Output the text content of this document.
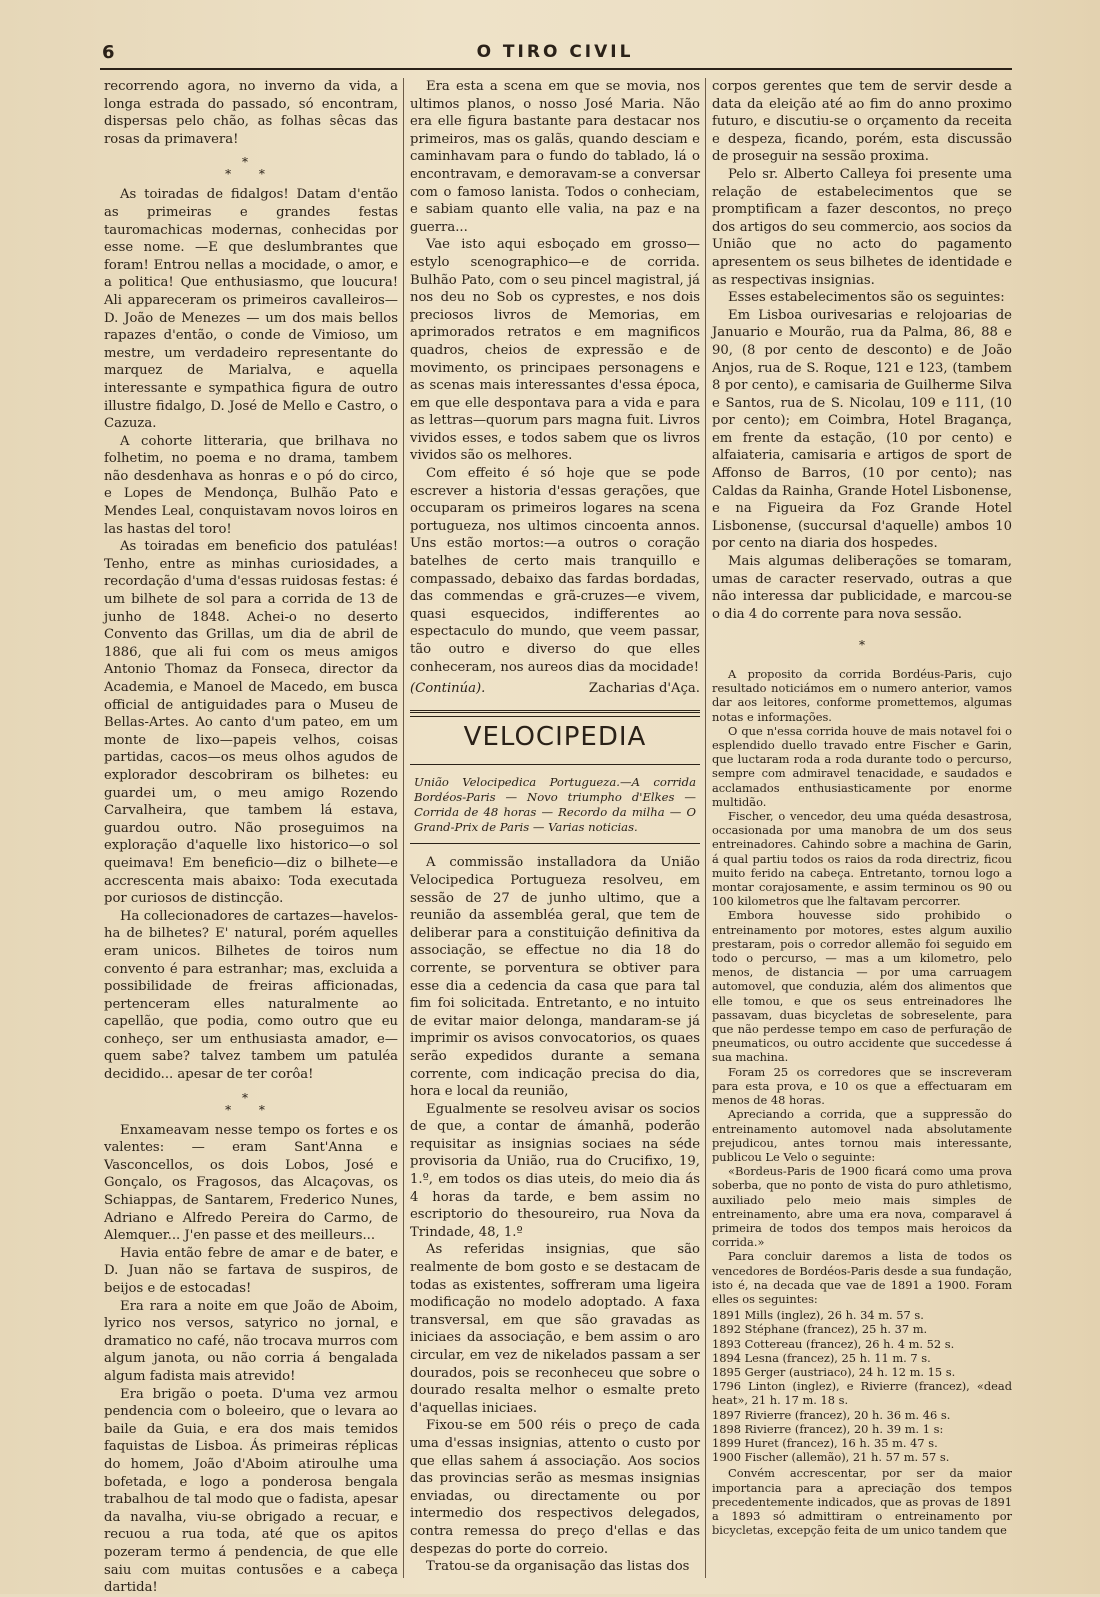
6	O TIRO CIVIL

recorrendo agora, no inverno da vida, a longa estrada do passado, só encontram, dispersas pelo chão, as folhas sêcas das rosas da primavera!

*
* *

As toiradas de fidalgos! Datam d'então as primeiras e grandes festas tauromachicas modernas, conhecidas por esse nome. —E que deslumbrantes que foram! Entrou nellas a mocidade, o amor, e a politica! Que enthusiasmo, que loucura! Ali appareceram os primeiros cavalleiros—D. João de Menezes — um dos mais bellos rapazes d'então, o conde de Vimioso, um mestre, um verdadeiro representante do marquez de Marialva, e aquella interessante e sympathica figura de outro illustre fidalgo, D. José de Mello e Castro, o Cazuza.

A cohorte litteraria, que brilhava no folhetim, no poema e no drama, tambem não desdenhava as honras e o pó do circo, e Lopes de Mendonça, Bulhão Pato e Mendes Leal, conquistavam novos loiros en las hastas del toro!

As toiradas em beneficio dos patuléas! Tenho, entre as minhas curiosidades, a recordação d'uma d'essas ruidosas festas: é um bilhete de sol para a corrida de 13 de junho de 1848. Achei-o no deserto Convento das Grillas, um dia de abril de 1886, que ali fui com os meus amigos Antonio Thomaz da Fonseca, director da Academia, e Manoel de Macedo, em busca official de antiguidades para o Museu de Bellas-Artes. Ao canto d'um pateo, em um monte de lixo—papeis velhos, coisas partidas, cacos—os meus olhos agudos de explorador descobriram os bilhetes: eu guardei um, o meu amigo Rozendo Carvalheira, que tambem lá estava, guardou outro. Não proseguimos na exploração d'aquelle lixo historico—o sol queimava! Em beneficio—diz o bilhete—e accrescenta mais abaixo: Toda executada por curiosos de distincção.

Ha collecionadores de cartazes—havelos-ha de bilhetes? E' natural, porém aquelles eram unicos. Bilhetes de toiros num convento é para estranhar; mas, excluida a possibilidade de freiras afficionadas, pertenceram elles naturalmente ao capellão, que podia, como outro que eu conheço, ser um enthusiasta amador, e—quem sabe? talvez tambem um patuléa decidido... apesar de ter corôa!

*
* *

Enxameavam nesse tempo os fortes e os valentes: — eram Sant'Anna e Vasconcellos, os dois Lobos, José e Gonçalo, os Fragosos, das Alcaçovas, os Schiappas, de Santarem, Frederico Nunes, Adriano e Alfredo Pereira do Carmo, de Alemquer... J'en passe et des meilleurs...

Havia então febre de amar e de bater, e D. Juan não se fartava de suspiros, de beijos e de estocadas!

Era rara a noite em que João de Aboim, lyrico nos versos, satyrico no jornal, e dramatico no café, não trocava murros com algum janota, ou não corria á bengalada algum fadista mais atrevido!

Era brigão o poeta. D'uma vez armou pendencia com o boleeiro, que o levara ao baile da Guia, e era dos mais temidos faquistas de Lisboa. Ás primeiras réplicas do homem, João d'Aboim atiroulhe uma bofetada, e logo a ponderosa bengala trabalhou de tal modo que o fadista, apesar da navalha, viu-se obrigado a recuar, e recuou a rua toda, até que os apitos pozeram termo á pendencia, de que elle saiu com muitas contusões e a cabeça dartida!

Era esta a scena em que se movia, nos ultimos planos, o nosso José Maria. Não era elle figura bastante para destacar nos primeiros, mas os galãs, quando desciam e caminhavam para o fundo do tablado, lá o encontravam, e demoravam-se a conversar com o famoso lanista. Todos o conheciam, e sabiam quanto elle valia, na paz e na guerra...

Vae isto aqui esboçado em grosso—estylo scenographico—e de corrida. Bulhão Pato, com o seu pincel magistral, já nos deu no Sob os cyprestes, e nos dois preciosos livros de Memorias, em aprimorados retratos e em magnificos quadros, cheios de expressão e de movimento, os principaes personagens e as scenas mais interessantes d'essa época, em que elle despontava para a vida e para as lettras—quorum pars magna fuit. Livros vividos esses, e todos sabem que os livros vividos são os melhores.

Com effeito é só hoje que se pode escrever a historia d'essas gerações, que occuparam os primeiros logares na scena portugueza, nos ultimos cincoenta annos. Uns estão mortos:—a outros o coração batelhes de certo mais tranquillo e compassado, debaixo das fardas bordadas, das commendas e grã-cruzes—e vivem, quasi esquecidos, indifferentes ao espectaculo do mundo, que veem passar, tão outro e diverso do que elles conheceram, nos aureos dias da mocidade!

(Continúa).	Zacharias d'Aça.
VELOCIPEDIA
União Velocipedica Portugueza.—A corrida Bordéos-Paris — Novo triumpho d'Elkes — Corrida de 48 horas — Recordo da milha — O Grand-Prix de Paris — Varias noticias.

A commissão installadora da União Velocipedica Portugueza resolveu, em sessão de 27 de junho ultimo, que a reunião da assembléa geral, que tem de deliberar para a constituição definitiva da associação, se effectue no dia 18 do corrente, se porventura se obtiver para esse dia a cedencia da casa que para tal fim foi solicitada. Entretanto, e no intuito de evitar maior delonga, mandaram-se já imprimir os avisos convocatorios, os quaes serão expedidos durante a semana corrente, com indicação precisa do dia, hora e local da reunião,

Egualmente se resolveu avisar os socios de que, a contar de ámanhã, poderão requisitar as insignias sociaes na séde provisoria da União, rua do Crucifixo, 19, 1.º, em todos os dias uteis, do meio dia ás 4 horas da tarde, e bem assim no escriptorio do thesoureiro, rua Nova da Trindade, 48, 1.º

As referidas insignias, que são realmente de bom gosto e se destacam de todas as existentes, soffreram uma ligeira modificação no modelo adoptado. A faxa transversal, em que são gravadas as iniciaes da associação, e bem assim o aro circular, em vez de nikelados passam a ser dourados, pois se reconheceu que sobre o dourado resalta melhor o esmalte preto d'aquellas iniciaes.

Fixou-se em 500 réis o preço de cada uma d'essas insignias, attento o custo por que ellas sahem á associação. Aos socios das provincias serão as mesmas insignias enviadas, ou directamente ou por intermedio dos respectivos delegados, contra remessa do preço d'ellas e das despezas do porte do correio.

Tratou-se da organisação das listas dos

corpos gerentes que tem de servir desde a data da eleição até ao fim do anno proximo futuro, e discutiu-se o orçamento da receita e despeza, ficando, porém, esta discussão de proseguir na sessão proxima.

Pelo sr. Alberto Calleya foi presente uma relação de estabelecimentos que se promptificam a fazer descontos, no preço dos artigos do seu commercio, aos socios da União que no acto do pagamento apresentem os seus bilhetes de identidade e as respectivas insignias.

Esses estabelecimentos são os seguintes:

Em Lisboa ourivesarias e relojoarias de Januario e Mourão, rua da Palma, 86, 88 e 90, (8 por cento de desconto) e de João Anjos, rua de S. Roque, 121 e 123, (tambem 8 por cento), e camisaria de Guilherme Silva e Santos, rua de S. Nicolau, 109 e 111, (10 por cento); em Coimbra, Hotel Bragança, em frente da estação, (10 por cento) e alfaiateria, camisaria e artigos de sport de Affonso de Barros, (10 por cento); nas Caldas da Rainha, Grande Hotel Lisbonense, e na Figueira da Foz Grande Hotel Lisbonense, (succursal d'aquelle) ambos 10 por cento na diaria dos hospedes.

Mais algumas deliberações se tomaram, umas de caracter reservado, outras a que não interessa dar publicidade, e marcou-se o dia 4 do corrente para nova sessão.

*

A proposito da corrida Bordéus-Paris, cujo resultado noticiámos em o numero anterior, vamos dar aos leitores, conforme promettemos, algumas notas e informações.

O que n'essa corrida houve de mais notavel foi o esplendido duello travado entre Fischer e Garin, que luctaram roda a roda durante todo o percurso, sempre com admiravel tenacidade, e saudados e acclamados enthusiasticamente por enorme multidão.

Fischer, o vencedor, deu uma quéda desastrosa, occasionada por uma manobra de um dos seus entreinadores. Cahindo sobre a machina de Garin, á qual partiu todos os raios da roda directriz, ficou muito ferido na cabeça. Entretanto, tornou logo a montar corajosamente, e assim terminou os 90 ou 100 kilometros que lhe faltavam percorrer.

Embora houvesse sido prohibido o entreinamento por motores, estes algum auxilio prestaram, pois o corredor allemão foi seguido em todo o percurso, — mas a um kilometro, pelo menos, de distancia — por uma carruagem automovel, que conduzia, além dos alimentos que elle tomou, e que os seus entreinadores lhe passavam, duas bicycletas de sobreselente, para que não perdesse tempo em caso de perfuração de pneumaticos, ou outro accidente que succedesse á sua machina.

Foram 25 os corredores que se inscreveram para esta prova, e 10 os que a effectuaram em menos de 48 horas.

Apreciando a corrida, que a suppressão do entreinamento automovel nada absolutamente prejudicou, antes tornou mais interessante, publicou Le Velo o seguinte:

«Bordeus-Paris de 1900 ficará como uma prova soberba, que no ponto de vista do puro athletismo, auxiliado pelo meio mais simples de entreinamento, abre uma era nova, comparavel á primeira de todos dos tempos mais heroicos da corrida.»

Para concluir daremos a lista de todos os vencedores de Bordéos-Paris desde a sua fundação, isto é, na decada que vae de 1891 a 1900. Foram elles os seguintes:

1891 Mills (inglez), 26 h. 34 m. 57 s.
1892 Stéphane (francez), 25 h. 37 m.
1893 Cottereau (francez), 26 h. 4 m. 52 s.
1894 Lesna (francez), 25 h. 11 m. 7 s.
1895 Gerger (austriaco), 24 h. 12 m. 15 s.
1796 Linton (inglez), e Rivierre (francez), «dead heat», 21 h. 17 m. 18 s.
1897 Rivierre (francez), 20 h. 36 m. 46 s.
1898 Rivierre (francez), 20 h. 39 m. 1 s:
1899 Huret (francez), 16 h. 35 m. 47 s.
1900 Fischer (allemão), 21 h. 57 m. 57 s.

Convém accrescentar, por ser da maior importancia para a apreciação dos tempos precedentemente indicados, que as provas de 1891 a 1893 só admittiram o entreinamento por bicycletas, excepção feita de um unico tandem que
